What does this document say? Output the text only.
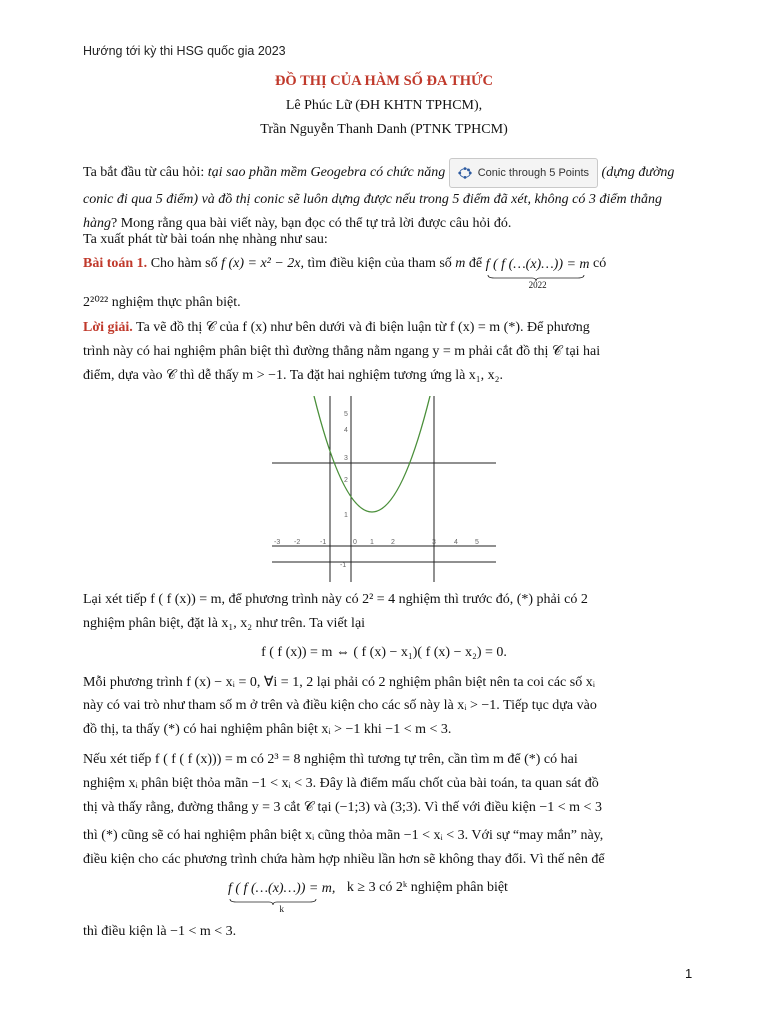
Hướng tới kỳ thi HSG quốc gia 2023
ĐỒ THỊ CỦA HÀM SỐ ĐA THỨC
Lê Phúc Lữ (ĐH KHTN TPHCM),
Trần Nguyễn Thanh Danh (PTNK TPHCM)
Ta bắt đầu từ câu hỏi: tại sao phần mềm Geogebra có chức năng	Conic through 5 Points (dựng đường conic đi qua 5 điểm) và đồ thị conic sẽ luôn dựng được nếu trong 5 điểm đã xét, không có 3 điểm thẳng hàng? Mong rằng qua bài viết này, bạn đọc có thể tự trả lời được câu hỏi đó.
Ta xuất phát từ bài toán nhẹ nhàng như sau:
Bài toán 1. Cho hàm số f (x) = x² − 2x, tìm điều kiện của tham số m để f ( f (…(x)…)) = m
2022
có
2²⁰²² nghiệm thực phân biệt.
Lời giải. Ta vẽ đồ thị 𝒞 của f (x) như bên dưới và đi biện luận từ f (x) = m (*). Để phương
trình này có hai nghiệm phân biệt thì đường thẳng nằm ngang y = m phải cắt đồ thị 𝒞 tại hai
điểm, dựa vào 𝒞 thì dễ thấy m > −1. Ta đặt hai nghiệm tương ứng là x₁, x₂.
-3 -2	-1	0 1 2	3	4 5
5
4
3
2
1
-1
Lại xét tiếp f ( f (x)) = m, để phương trình này có 2² = 4 nghiệm thì trước đó, (*) phải có 2
nghiệm phân biệt, đặt là x₁, x₂ như trên. Ta viết lại
f ( f (x)) = m ⇔ ( f (x) − x₁)( f (x) − x₂) = 0.
Mỗi phương trình f (x) − xᵢ = 0, ∀i = 1, 2 lại phải có 2 nghiệm phân biệt nên ta coi các số xᵢ
này có vai trò như tham số m ở trên và điều kiện cho các số này là xᵢ > −1. Tiếp tục dựa vào
đồ thị, ta thấy (*) có hai nghiệm phân biệt xᵢ > −1 khi −1 < m < 3.
Nếu xét tiếp f ( f ( f (x))) = m có 2³ = 8 nghiệm thì tương tự trên, cần tìm m để (*) có hai
nghiệm xᵢ phân biệt thỏa mãn −1 < xᵢ < 3. Đây là điểm mấu chốt của bài toán, ta quan sát đồ
thị và thấy rằng, đường thẳng y = 3 cắt 𝒞 tại (−1;3) và (3;3). Vì thế với điều kiện −1 < m < 3
thì (*) cũng sẽ có hai nghiệm phân biệt xᵢ cũng thỏa mãn −1 < xᵢ < 3. Với sự “may mắn” này,
điều kiện cho các phương trình chứa hàm hợp nhiều lần hơn sẽ không thay đổi. Vì thế nên để
f ( f (…(x)…)) = m,
k
k ≥ 3 có 2ᵏ nghiệm phân biệt
thì điều kiện là −1 < m < 3.
1
